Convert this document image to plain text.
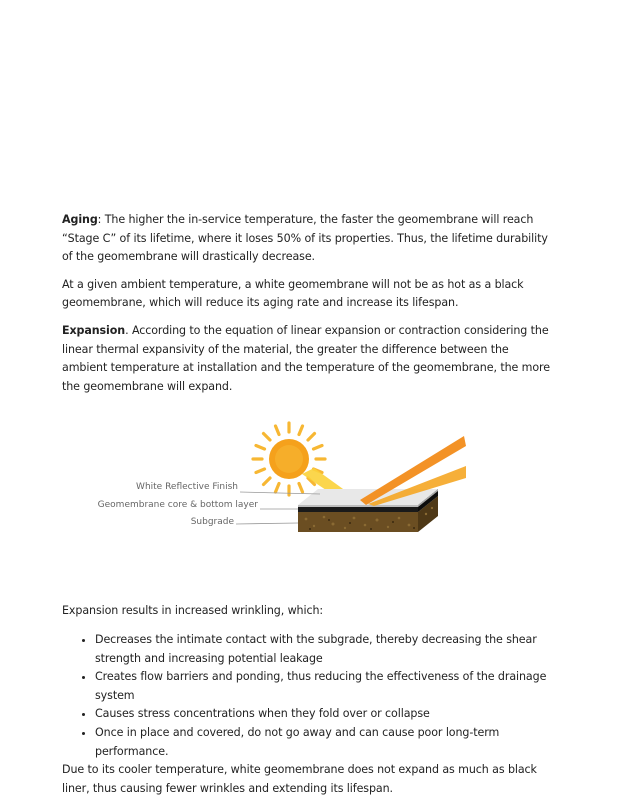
Aging: The higher the in-service temperature, the faster the geomembrane will reach “Stage C” of its lifetime, where it loses 50% of its properties. Thus, the lifetime durability of the geomembrane will drastically decrease.

At a given ambient temperature, a white geomembrane will not be as hot as a black geomembrane, which will reduce its aging rate and increase its lifespan.

Expansion. According to the equation of linear expansion or contraction considering the linear thermal expansivity of the material, the greater the difference between the ambient temperature at installation and the temperature of the geomembrane, the more the geomembrane will expand.

White Reflective Finish
Geomembrane core & bottom layer
Subgrade

Expansion results in increased wrinkling, which:

• Decreases the intimate contact with the subgrade, thereby decreasing the shear strength and increasing potential leakage
• Creates flow barriers and ponding, thus reducing the effectiveness of the drainage system
• Causes stress concentrations when they fold over or collapse
• Once in place and covered, do not go away and can cause poor long-term performance.

Due to its cooler temperature, white geomembrane does not expand as much as black liner, thus causing fewer wrinkles and extending its lifespan.
